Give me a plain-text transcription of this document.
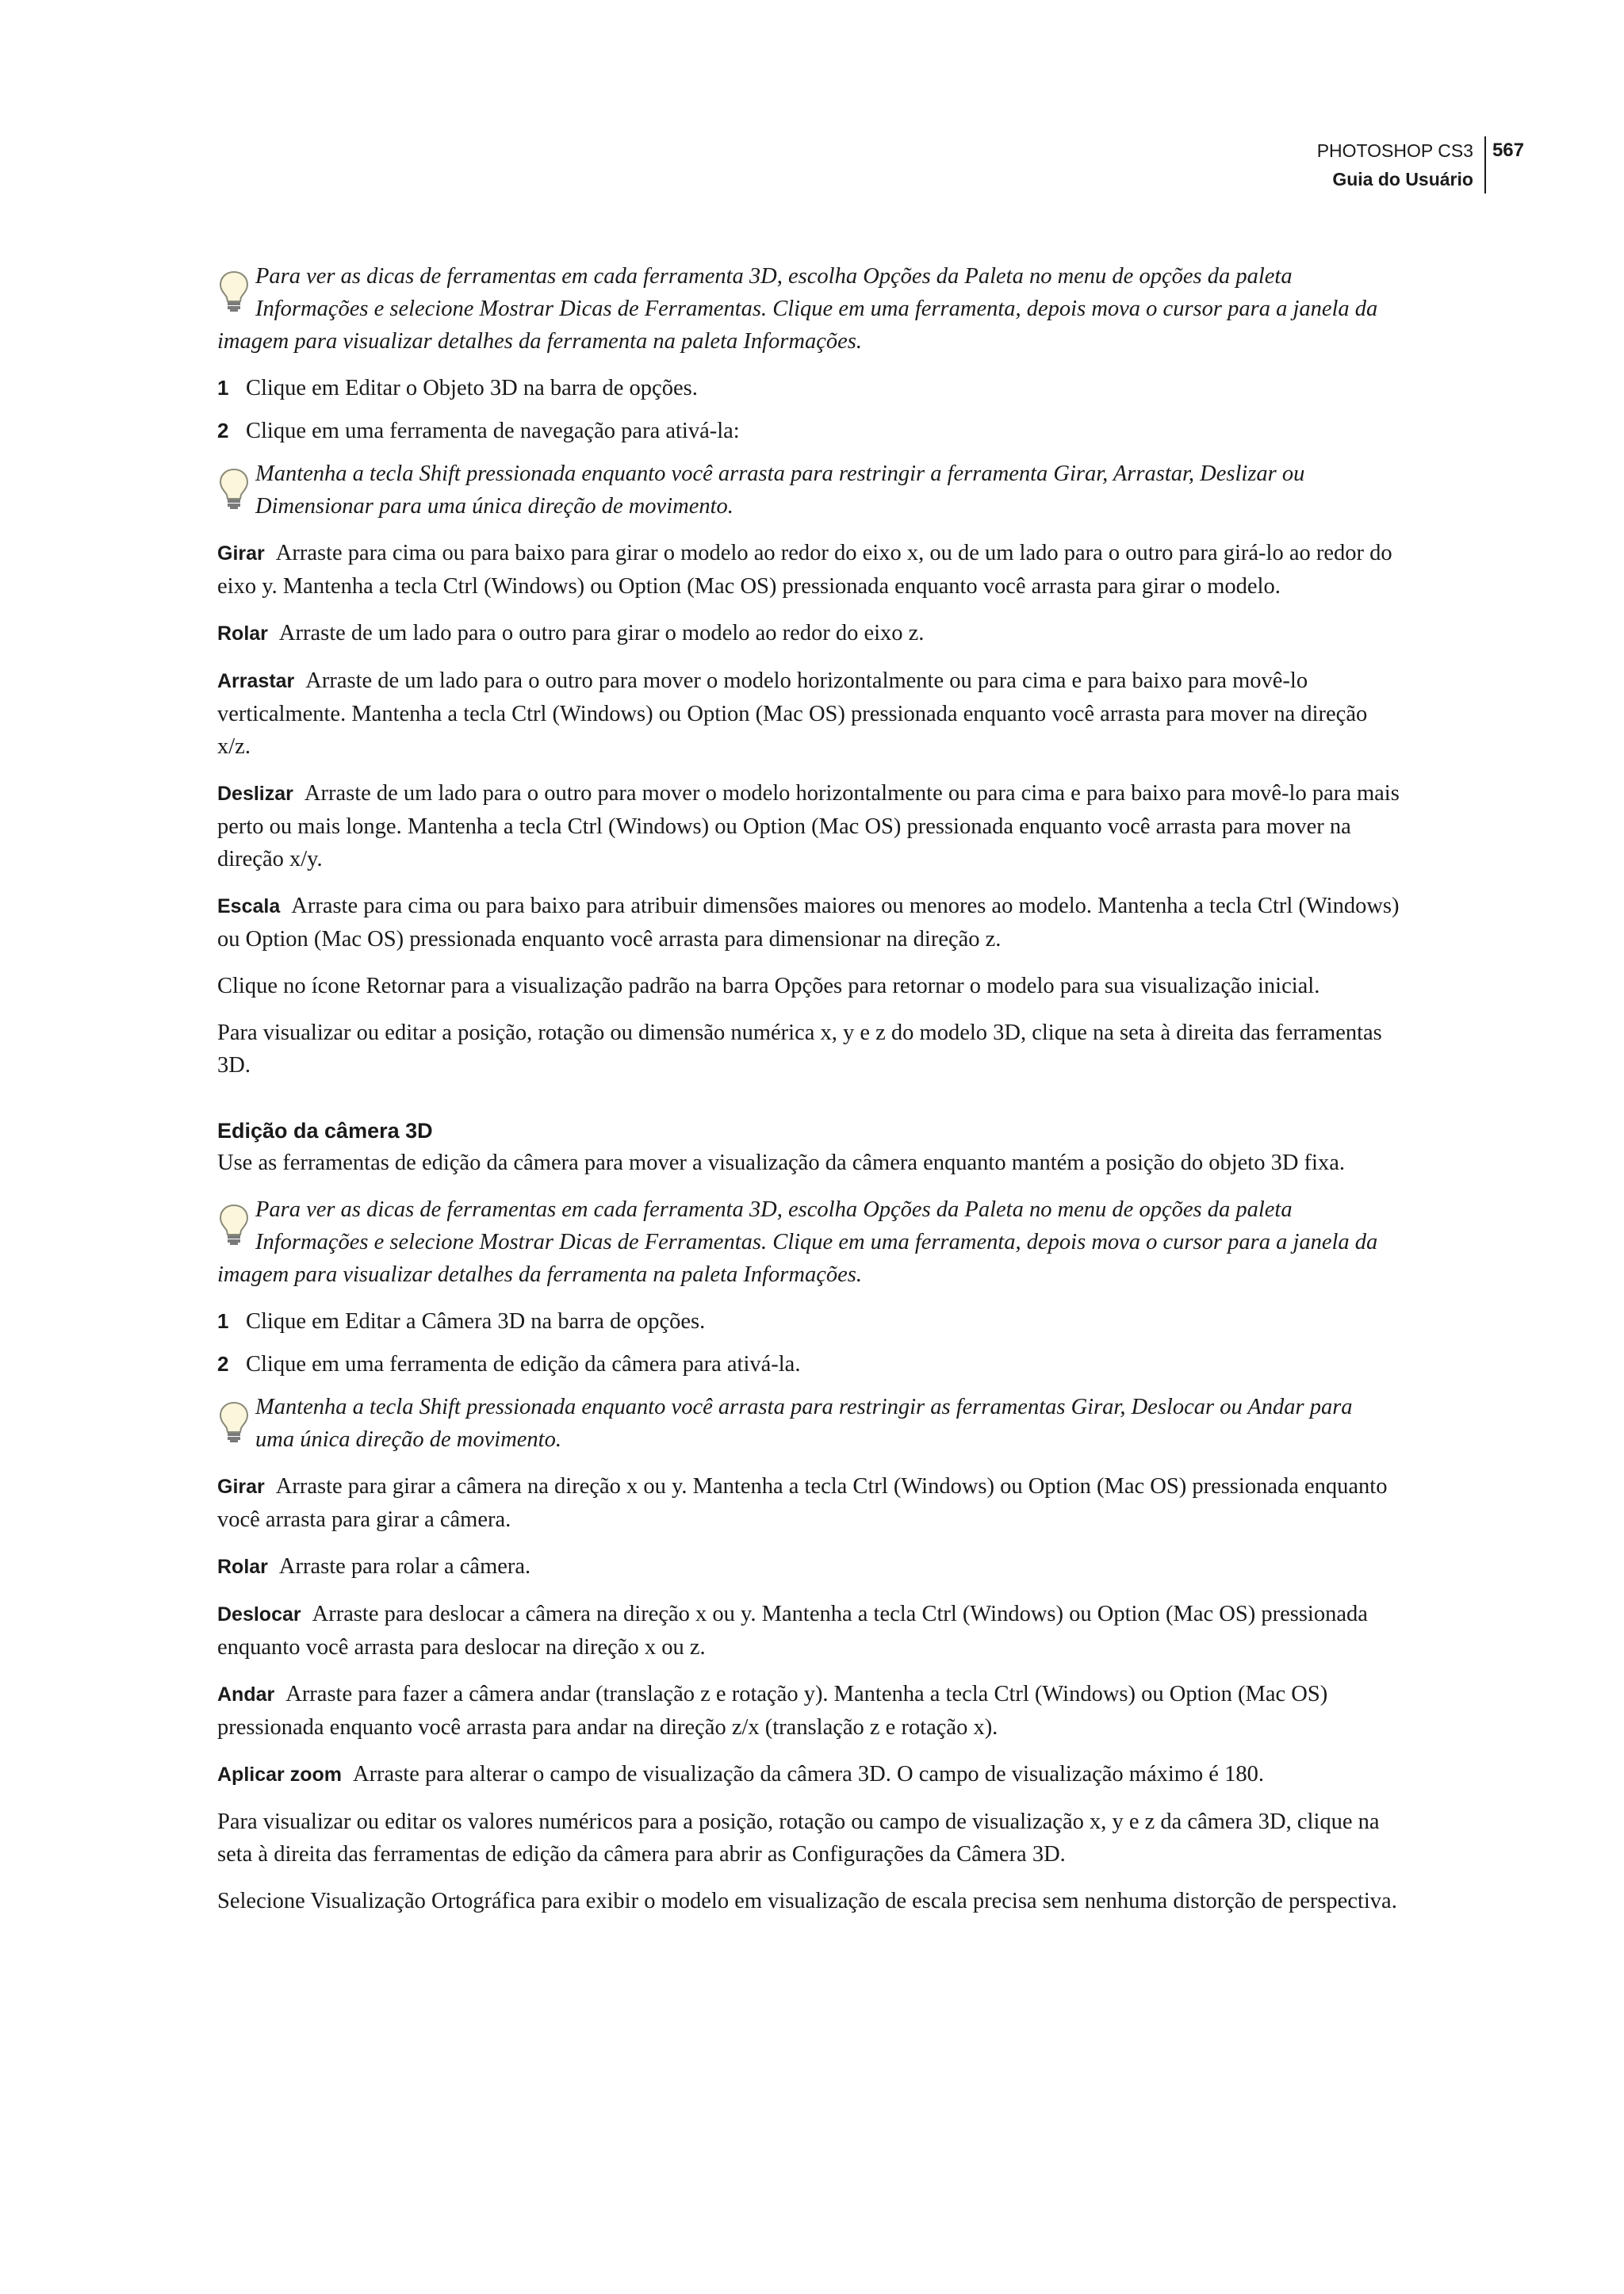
PHOTOSHOP CS3
Guia do Usuário
567

Para ver as dicas de ferramentas em cada ferramenta 3D, escolha Opções da Paleta no menu de opções da paleta

Informações e selecione Mostrar Dicas de Ferramentas. Clique em uma ferramenta, depois mova o cursor para a janela da

imagem para visualizar detalhes da ferramenta na paleta Informações.

1 Clique em Editar o Objeto 3D na barra de opções.
2 Clique em uma ferramenta de navegação para ativá-la:

Mantenha a tecla Shift pressionada enquanto você arrasta para restringir a ferramenta Girar, Arrastar, Deslizar ou

Dimensionar para uma única direção de movimento.

Girar Arraste para cima ou para baixo para girar o modelo ao redor do eixo x, ou de um lado para o outro para girá-lo ao redor do eixo y. Mantenha a tecla Ctrl (Windows) ou Option (Mac OS) pressionada enquanto você arrasta para girar o modelo.

Rolar Arraste de um lado para o outro para girar o modelo ao redor do eixo z.

Arrastar Arraste de um lado para o outro para mover o modelo horizontalmente ou para cima e para baixo para movê-lo verticalmente. Mantenha a tecla Ctrl (Windows) ou Option (Mac OS) pressionada enquanto você arrasta para mover na direção x/z.

Deslizar Arraste de um lado para o outro para mover o modelo horizontalmente ou para cima e para baixo para movê-lo para mais perto ou mais longe. Mantenha a tecla Ctrl (Windows) ou Option (Mac OS) pressionada enquanto você arrasta para mover na direção x/y.

Escala Arraste para cima ou para baixo para atribuir dimensões maiores ou menores ao modelo. Mantenha a tecla Ctrl (Windows) ou Option (Mac OS) pressionada enquanto você arrasta para dimensionar na direção z.

Clique no ícone Retornar para a visualização padrão na barra Opções para retornar o modelo para sua visualização inicial.

Para visualizar ou editar a posição, rotação ou dimensão numérica x, y e z do modelo 3D, clique na seta à direita das ferramentas 3D.

Edição da câmera 3D

Use as ferramentas de edição da câmera para mover a visualização da câmera enquanto mantém a posição do objeto 3D fixa.

Para ver as dicas de ferramentas em cada ferramenta 3D, escolha Opções da Paleta no menu de opções da paleta

Informações e selecione Mostrar Dicas de Ferramentas. Clique em uma ferramenta, depois mova o cursor para a janela da

imagem para visualizar detalhes da ferramenta na paleta Informações.

1 Clique em Editar a Câmera 3D na barra de opções.
2 Clique em uma ferramenta de edição da câmera para ativá-la.

Mantenha a tecla Shift pressionada enquanto você arrasta para restringir as ferramentas Girar, Deslocar ou Andar para

uma única direção de movimento.

Girar Arraste para girar a câmera na direção x ou y. Mantenha a tecla Ctrl (Windows) ou Option (Mac OS) pressionada enquanto você arrasta para girar a câmera.

Rolar Arraste para rolar a câmera.

Deslocar Arraste para deslocar a câmera na direção x ou y. Mantenha a tecla Ctrl (Windows) ou Option (Mac OS) pressionada enquanto você arrasta para deslocar na direção x ou z.

Andar Arraste para fazer a câmera andar (translação z e rotação y). Mantenha a tecla Ctrl (Windows) ou Option (Mac OS) pressionada enquanto você arrasta para andar na direção z/x (translação z e rotação x).

Aplicar zoom Arraste para alterar o campo de visualização da câmera 3D. O campo de visualização máximo é 180.

Para visualizar ou editar os valores numéricos para a posição, rotação ou campo de visualização x, y e z da câmera 3D, clique na seta à direita das ferramentas de edição da câmera para abrir as Configurações da Câmera 3D.

Selecione Visualização Ortográfica para exibir o modelo em visualização de escala precisa sem nenhuma distorção de perspectiva.
